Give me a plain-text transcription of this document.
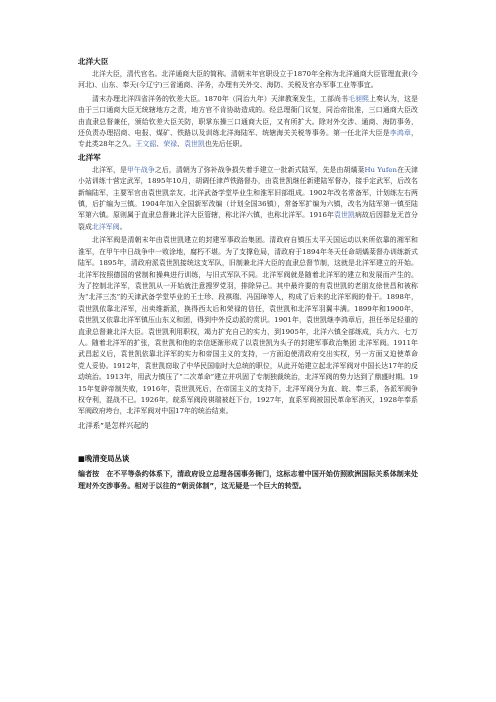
北洋大臣

北洋大臣，清代官名。北洋通商大臣的简称。清朝末年官职设立于1870年全称为北洋通商大臣管理直隶(今河北)、山东、奉天(今辽宁)三省通商、洋务，办理有关外交、海防、关税及官办军事工业等事宜。

清末办理北洋四省洋务的钦差大臣。1870年（同治九年）天津教案发生，工部尚书毛昶熙上奏认为，这是由于三口通商大臣无统辖地方之责，地方官不肯协助造成的。经总理衙门议复，同治帝批准，三口通商大臣改由直隶总督兼任，颁给钦差大臣关防，职掌东操三口通商大臣，又有所扩大。除对外交涉、通商、海防事务，还负责办理招商、电报、煤矿、铁路以及训练北洋海陆军、统辖海关关税等事务。第一任北洋大臣是李鸿章，专此类28年之久。王文韶、荣禄、袁世凯也先后任职。

北洋军

北洋军，是甲午战争之后，清朝为了弥补战争损失着手建立一批新式陆军，先是由胡燏棻Hu Yufen在天津小站训练十营定武军，1895年10月，胡调任津芦铁路督办，由袁世凯继任新建陆军督办，接手定武军，后改名新编陆军，主要军官由袁世凯亲友、北洋武备学堂毕业生和淮军旧部组成。1902年改名常备军，计划练左右两镇，后扩编为三镇。1904年加入全国新军改编（计划全国36镇），常备军扩编为六镇，改名为陆军第一镇至陆军第六镇。原则属于直隶总督兼北洋大臣管辖，称北洋六镇，也称北洋军。1916年袁世凯病故后因群龙无首分裂成北洋军阀。

北洋军阀是清朝末年由袁世凯建立的封建军事政治集团。清政府自镇压太平天国运动以来所依靠的湘军和淮军，在甲午中日战争中一败涂地，腐朽不堪。为了支撑危局，清政府于1894年冬天任命胡燏棻督办训练新式陆军。1895年，清政府派袁世凯接统这支军队，旧制兼北洋大臣的直隶总督节制，这就是北洋军建立的开始。北洋军按照德国的营制和操典进行训练，与旧式军队不同。北洋军阀就是随着北洋军的建立和发展而产生的。为了控制北洋军，袁世凯从一开始就注意搜罗党羽，排除异己。其中最许要的有袁世凯的老朋友徐世昌和被称为“北洋三杰”的天津武备学堂毕业的王士珍、段祺瑞、冯国璋等人，构成了后来的北洋军阀的骨干。1898年，袁世凯依靠北洋军，出卖维新派，换得西太后和荣禄的信任，袁世凯和北洋军羽翼丰满。1899年和1900年，袁世凯又依靠北洋军镇压山东义和团，得到中外反动派的赏识。1901年，袁世凯继李鸿章后，担任举足轻重的直隶总督兼北洋大臣。袁世凯利用职权，竭力扩充自己的实力，到1905年，北洋六镇全部练成，兵力六、七万人。随着北洋军的扩张，袁世凯和他的亲信逐渐形成了以袁世凯为头子的封建军事政治集团 北洋军阀。1911年武昌起义后，袁世凯依靠北洋军的实力和帝国主义的支持，一方面迫使清政府交出实权，另一方面又迫使革命党人妥协。1912年，袁世凯窃取了中华民国临时大总统的职位，从此开始建立起北洋军阀对中国长达17年的反动统治。1913年，用武力镇压了“二次革命”建立并巩固了专制独裁统治，北洋军阀的势力达到了鼎盛时期。1915年复辟帝制失败，1916年，袁世凯死后，在帝国主义的支持下，北洋军阀分为直、皖、奉三系，各派军阀争权夺利，混战不已。1926年，皖系军阀段祺瑞被赶下台，1927年，直系军阀被国民革命军消灭，1928年奉系军阀政府垮台，北洋军阀对中国17年的统治结束。

北洋系”是怎样兴起的
■晚清变局丛谈

编者按　在不平等条约体系下，清政府设立总理各国事务衙门，这标志着中国开始仿照欧洲国际关系体制来处理对外交涉事务。相对于以往的“朝贡体制”，这无疑是一个巨大的转型。
